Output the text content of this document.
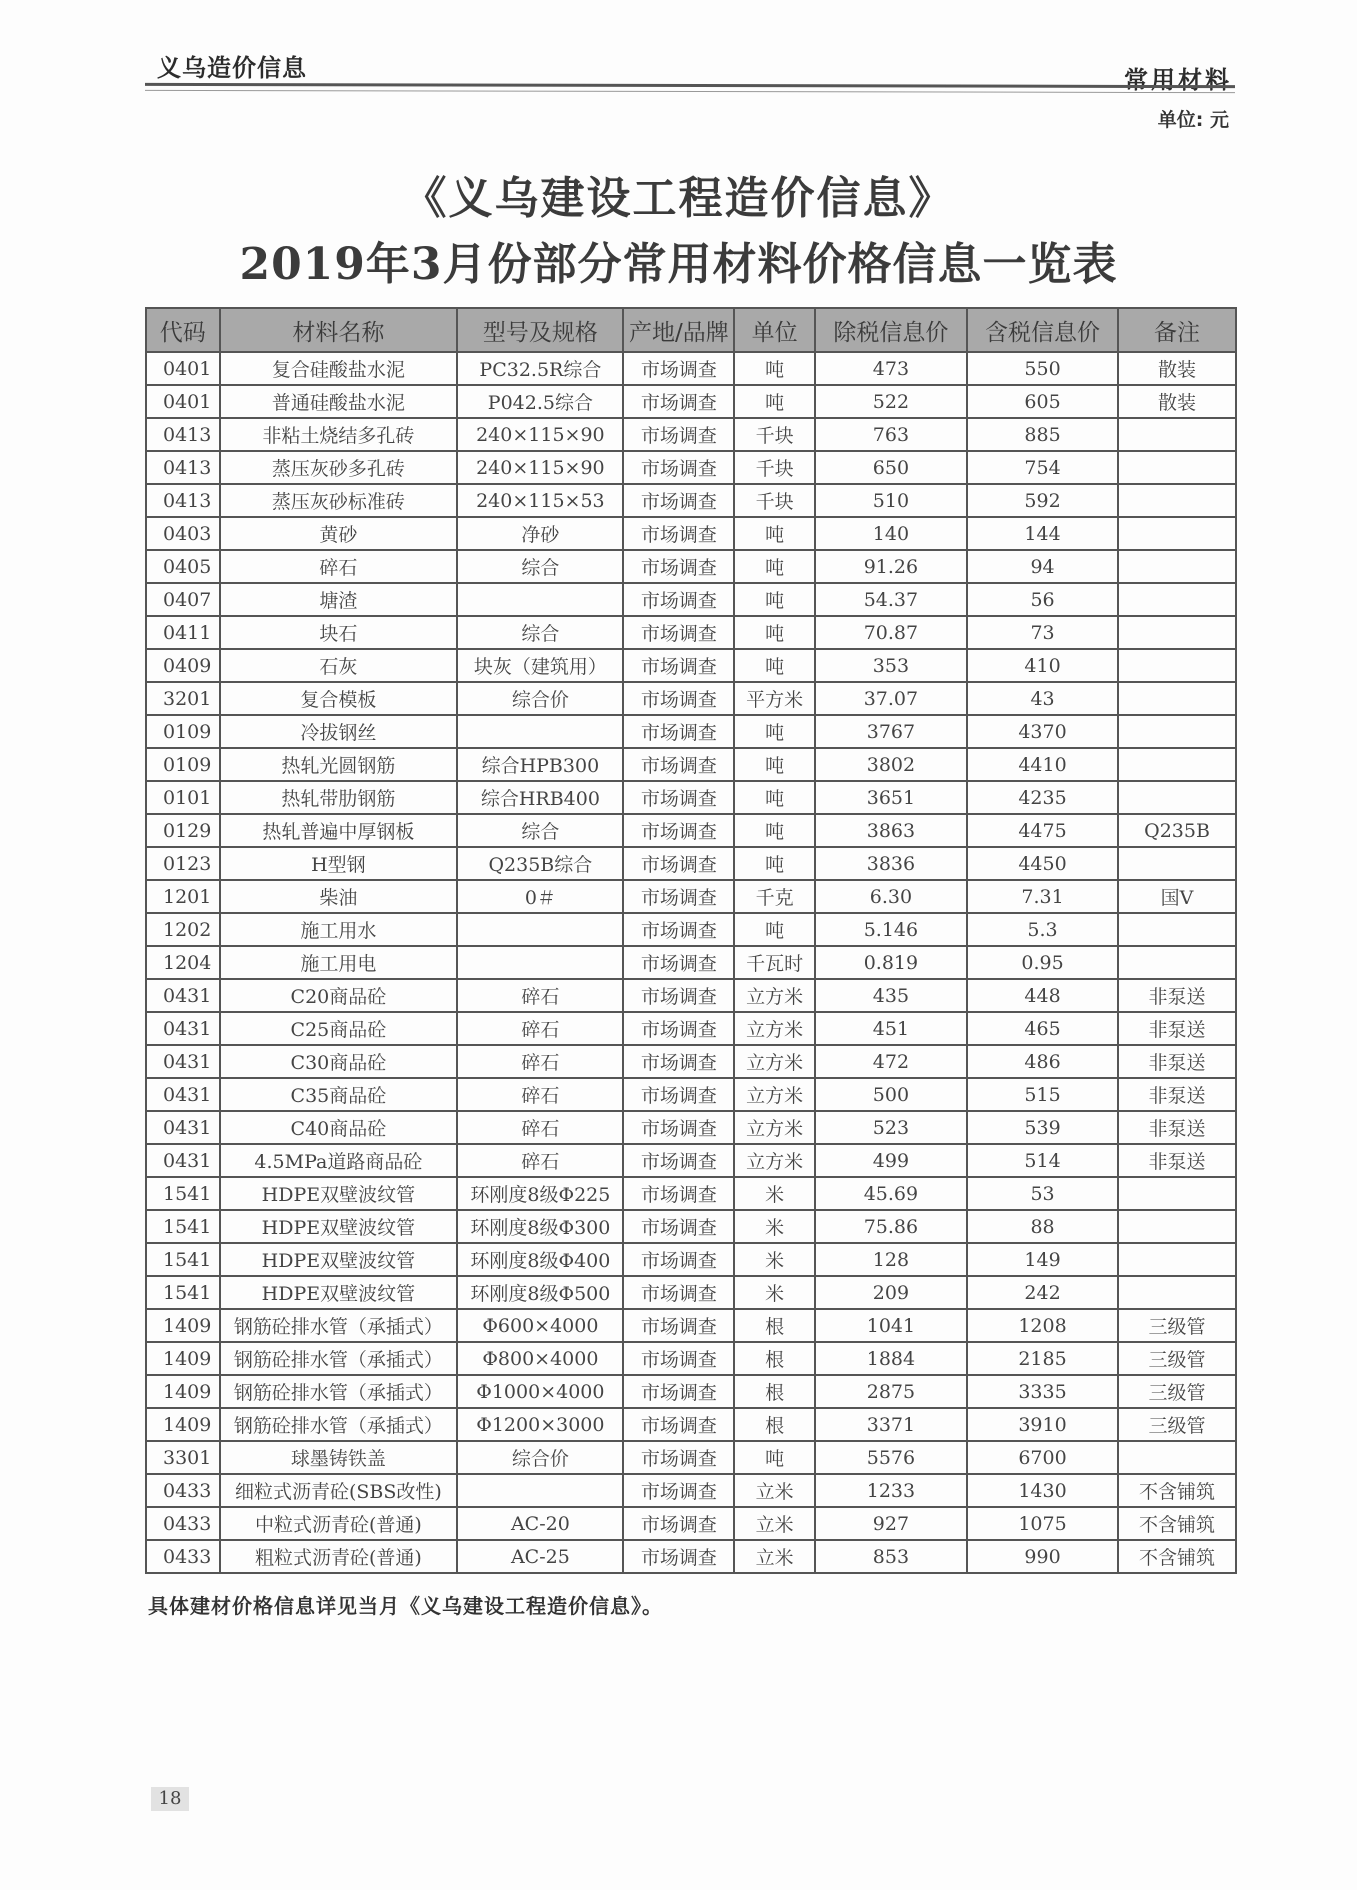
义乌造价信息	常用材料
单位: 元
《义乌建设工程造价信息》
2019年3月份部分常用材料价格信息一览表
代码	材料名称	型号及规格	产地/品牌	单位	除税信息价	含税信息价	备注
0401	复合硅酸盐水泥	PC32.5R综合	市场调查	吨	473	550	散装
0401	普通硅酸盐水泥	P042.5综合	市场调查	吨	522	605	散装
0413	非粘土烧结多孔砖	240×115×90	市场调查	千块	763	885	
0413	蒸压灰砂多孔砖	240×115×90	市场调查	千块	650	754	
0413	蒸压灰砂标准砖	240×115×53	市场调查	千块	510	592	
0403	黄砂	净砂	市场调查	吨	140	144	
0405	碎石	综合	市场调查	吨	91.26	94	
0407	塘渣		市场调查	吨	54.37	56	
0411	块石	综合	市场调查	吨	70.87	73	
0409	石灰	块灰（建筑用）	市场调查	吨	353	410	
3201	复合模板	综合价	市场调查	平方米	37.07	43	
0109	冷拔钢丝		市场调查	吨	3767	4370	
0109	热轧光圆钢筋	综合HPB300	市场调查	吨	3802	4410	
0101	热轧带肋钢筋	综合HRB400	市场调查	吨	3651	4235	
0129	热轧普遍中厚钢板	综合	市场调查	吨	3863	4475	Q235B
0123	H型钢	Q235B综合	市场调查	吨	3836	4450	
1201	柴油	0＃	市场调查	千克	6.30	7.31	国V
1202	施工用水		市场调查	吨	5.146	5.3	
1204	施工用电		市场调查	千瓦时	0.819	0.95	
0431	C20商品砼	碎石	市场调查	立方米	435	448	非泵送
0431	C25商品砼	碎石	市场调查	立方米	451	465	非泵送
0431	C30商品砼	碎石	市场调查	立方米	472	486	非泵送
0431	C35商品砼	碎石	市场调查	立方米	500	515	非泵送
0431	C40商品砼	碎石	市场调查	立方米	523	539	非泵送
0431	4.5MPa道路商品砼	碎石	市场调查	立方米	499	514	非泵送
1541	HDPE双壁波纹管	环刚度8级Φ225	市场调查	米	45.69	53	
1541	HDPE双壁波纹管	环刚度8级Φ300	市场调查	米	75.86	88	
1541	HDPE双壁波纹管	环刚度8级Φ400	市场调查	米	128	149	
1541	HDPE双壁波纹管	环刚度8级Φ500	市场调查	米	209	242	
1409	钢筋砼排水管（承插式）	Φ600×4000	市场调查	根	1041	1208	三级管
1409	钢筋砼排水管（承插式）	Φ800×4000	市场调查	根	1884	2185	三级管
1409	钢筋砼排水管（承插式）	Φ1000×4000	市场调查	根	2875	3335	三级管
1409	钢筋砼排水管（承插式）	Φ1200×3000	市场调查	根	3371	3910	三级管
3301	球墨铸铁盖	综合价	市场调查	吨	5576	6700	
0433	细粒式沥青砼(SBS改性)		市场调查	立米	1233	1430	不含铺筑
0433	中粒式沥青砼(普通)	AC-20	市场调查	立米	927	1075	不含铺筑
0433	粗粒式沥青砼(普通)	AC-25	市场调查	立米	853	990	不含铺筑
具体建材价格信息详见当月《义乌建设工程造价信息》。
18
